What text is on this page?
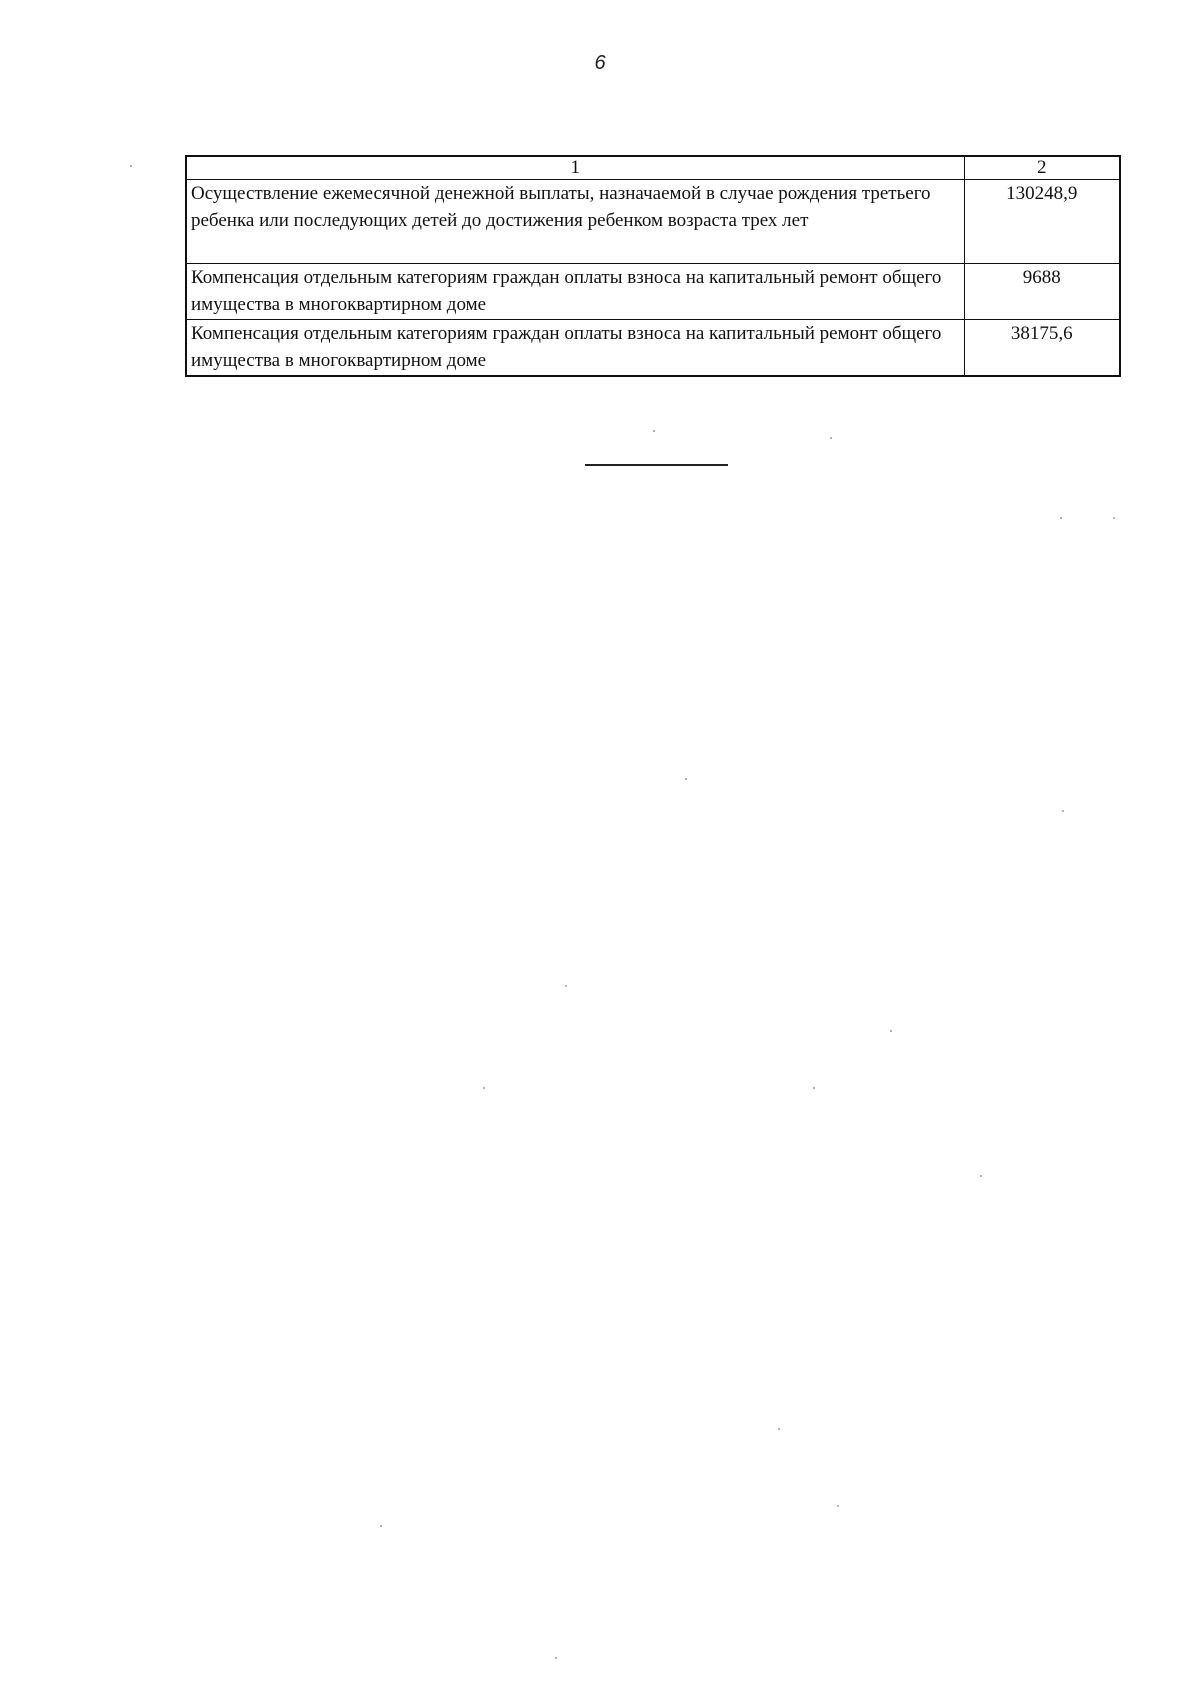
6
1	2
Осуществление ежемесячной денежной выплаты, назначаемой в случае рождения третьего ребенка или последующих детей до достижения ребенком возраста трех лет	130248,9
Компенсация отдельным категориям граждан оплаты взноса на капитальный ремонт общего имущества в многоквартирном доме	9688
Компенсация отдельным категориям граждан оплаты взноса на капитальный ремонт общего имущества в многоквартирном доме	38175,6
